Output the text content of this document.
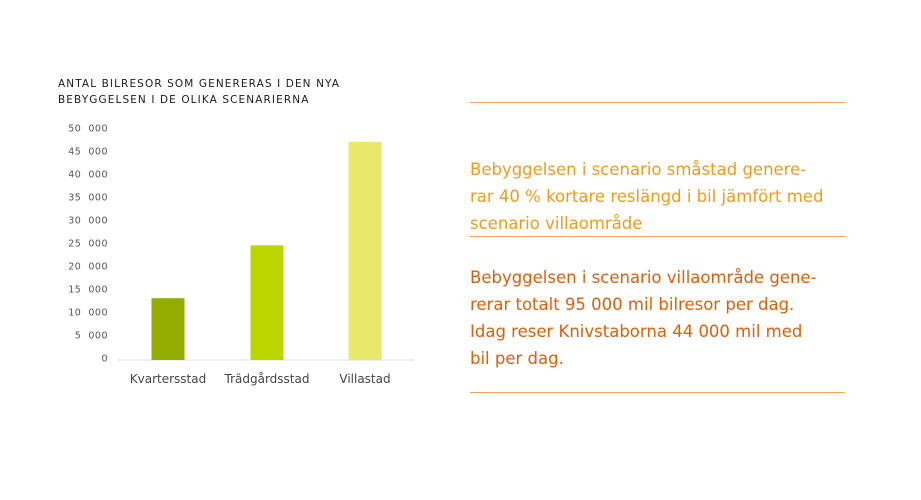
ANTAL BILRESOR SOM GENERERAS I DEN NYA
BEBYGGELSEN I DE OLIKA SCENARIERNA
0
5  000
10  000
15  000
20  000
25  000
30  000
35  000
40  000
45  000
50  000
Kvartersstad Trädgårdsstad Villastad
Bebyggelsen i scenario småstad genere-
rar 40 % kortare reslängd i bil jämfört med
scenario villaområde
Bebyggelsen i scenario villaområde gene-
rerar totalt 95 000 mil bilresor per dag.
Idag reser Knivstaborna 44 000 mil med
bil per dag.
